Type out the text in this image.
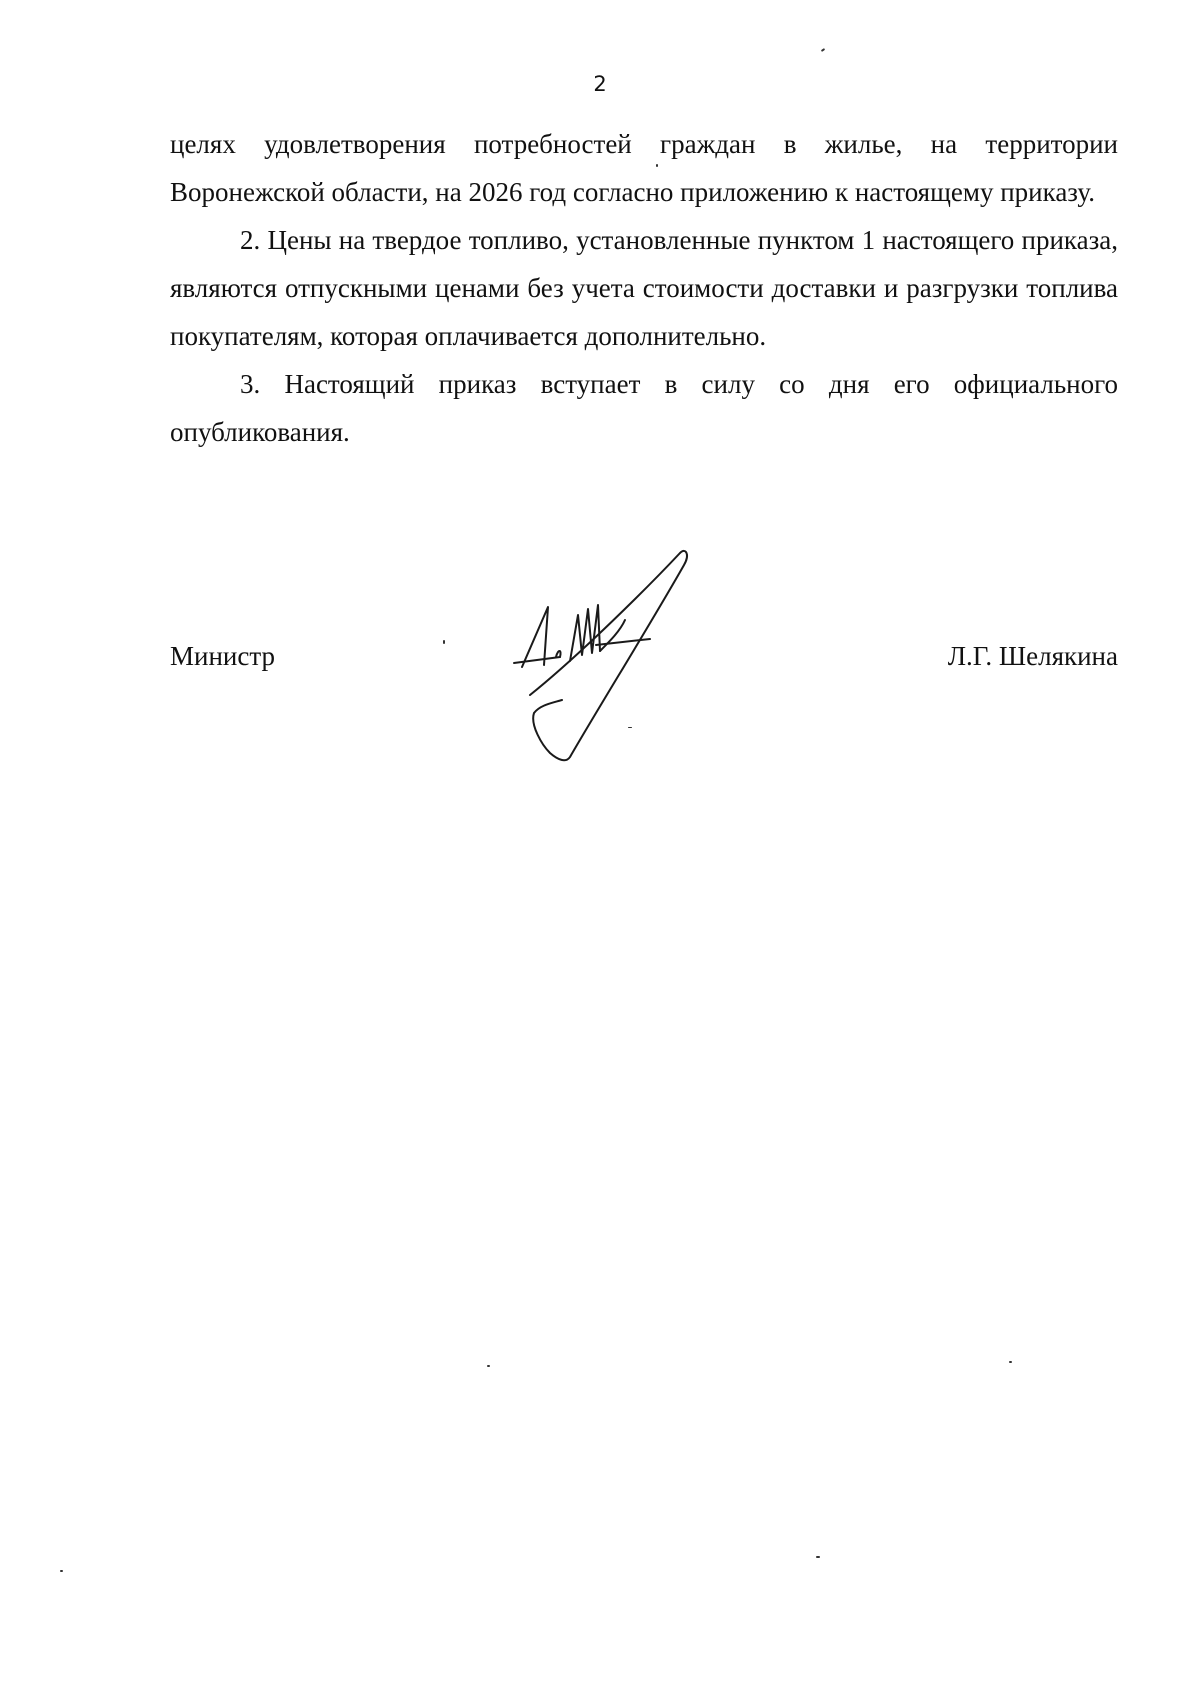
2

целях удовлетворения потребностей граждан в жилье, на территории Воронежской области, на 2026 год согласно приложению к настоящему приказу.

2. Цены на твердое топливо, установленные пунктом 1 настоящего приказа, являются отпускными ценами без учета стоимости доставки и разгрузки топлива покупателям, которая оплачивается дополнительно.

3. Настоящий приказ вступает в силу со дня его официального опубликования.

Министр	Л.Г. Шелякина
